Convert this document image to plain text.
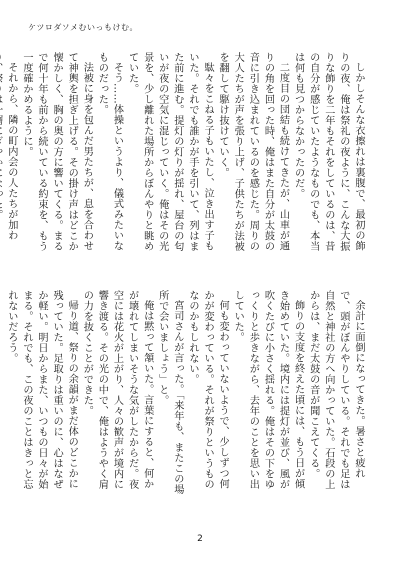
ケツロダソメむいっもけむ。

しかしそんな衣擦れは裏腹で、最初の飾りの夜、俺は祭礼の夜ように、こんな大振りな飾りを二年もそれをしているのは、昔の自分が感じていたようなものでも、本当は何も見つからなかったのだ。

二度目の団結も続けてきたが、山車が通りの角を回った時、俺はまた自分が太鼓の音に引き込まれているのを感じた。周りの大人たちが声を張り上げ、子供たちが法被を翻して駆け抜けていく。

駄々をこねる子もいたし、泣き出す子もいた。それでも誰かが手を引いて、列はまた前に進む。提灯の灯りが揺れ、屋台の匂いが夜の空気に混じっていく。俺はその光景を、少し離れた場所からぼんやりと眺めていた。

そう……体操というより、儀式みたいなものだった。

法被に身を包んだ男たちが、息を合わせて神輿を担ぎ上げる。その掛け声はどこか懐かしく、胸の奥の方に響いてくる。まるで何十年も前から続いている約束を、もう一度確かめるように。

それから、隣の町内会の人たちが加わ

余計に面倒になってきた。暑さと疲れで、頭がぼんやりしている。それでも足は自然と神社の方へ向かっていた。石段の上からは、まだ太鼓の音が聞こえてくる。

飾りの支度を終えた頃には、もう日が傾き始めていた。境内には提灯が並び、風が吹くたびに小さく揺れる。俺はその下をゆっくりと歩きながら、去年のことを思い出していた。

何も変わっていないようで、少しずつ何かが変わっている。それが祭りというものなのかもしれない。

宮司さんが言った。「来年も、またこの場所で会いましょう」と。

俺は黙って頷いた。言葉にすると、何かが壊れてしまいそうな気がしたからだ。夜空には花火が上がり、人々の歓声が境内に響き渡る。その光の中で、俺はようやく肩の力を抜くことができた。

帰り道、祭りの余韻がまだ体のどこかに残っていた。足取りは重いのに、心はなぜか軽い。明日からまた、いつもの日々が始まる。それでも、この夜のことはきっと忘れないだろう。

2
